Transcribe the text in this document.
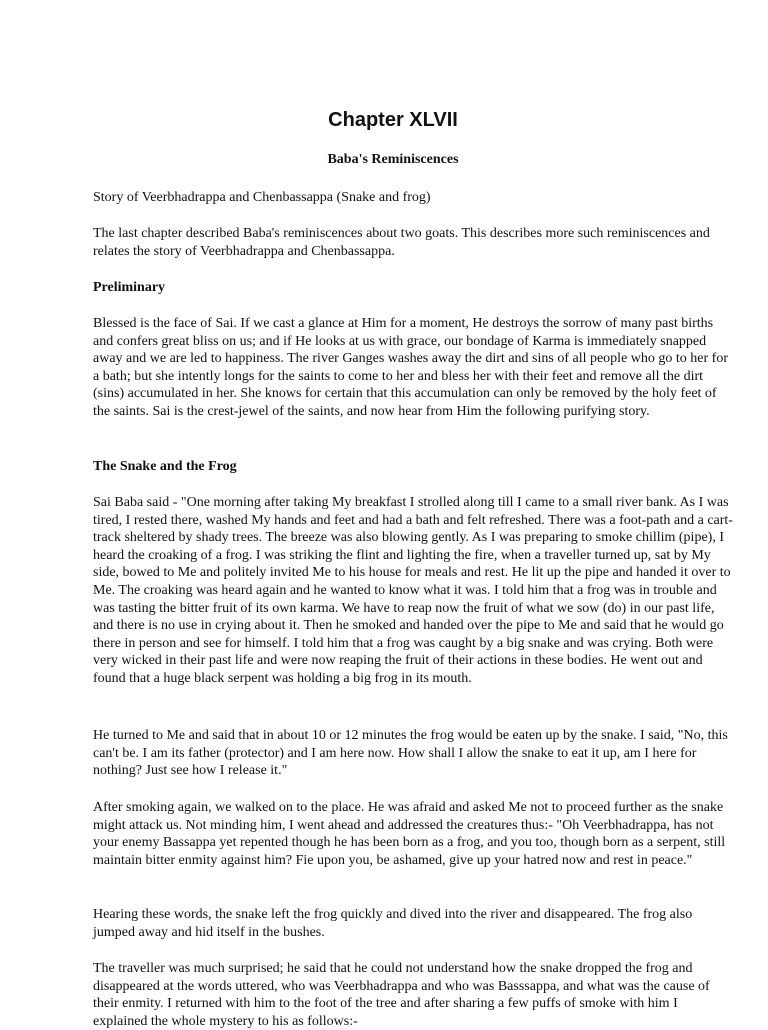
Chapter XLVII

Baba's Reminiscences

Story of Veerbhadrappa and Chenbassappa (Snake and frog)

The last chapter described Baba's reminiscences about two goats. This describes more such reminiscences and relates the story of Veerbhadrappa and Chenbassappa.

Preliminary

Blessed is the face of Sai. If we cast a glance at Him for a moment, He destroys the sorrow of many past births and confers great bliss on us; and if He looks at us with grace, our bondage of Karma is immediately snapped away and we are led to happiness. The river Ganges washes away the dirt and sins of all people who go to her for a bath; but she intently longs for the saints to come to her and bless her with their feet and remove all the dirt (sins) accumulated in her. She knows for certain that this accumulation can only be removed by the holy feet of the saints. Sai is the crest-jewel of the saints, and now hear from Him the following purifying story.

The Snake and the Frog

Sai Baba said - "One morning after taking My breakfast I strolled along till I came to a small river bank. As I was tired, I rested there, washed My hands and feet and had a bath and felt refreshed. There was a foot-path and a cart-track sheltered by shady trees. The breeze was also blowing gently. As I was preparing to smoke chillim (pipe), I heard the croaking of a frog. I was striking the flint and lighting the fire, when a traveller turned up, sat by My side, bowed to Me and politely invited Me to his house for meals and rest. He lit up the pipe and handed it over to Me. The croaking was heard again and he wanted to know what it was. I told him that a frog was in trouble and was tasting the bitter fruit of its own karma. We have to reap now the fruit of what we sow (do) in our past life, and there is no use in crying about it. Then he smoked and handed over the pipe to Me and said that he would go there in person and see for himself. I told him that a frog was caught by a big snake and was crying. Both were very wicked in their past life and were now reaping the fruit of their actions in these bodies. He went out and found that a huge black serpent was holding a big frog in its mouth.

He turned to Me and said that in about 10 or 12 minutes the frog would be eaten up by the snake. I said, "No, this can't be. I am its father (protector) and I am here now. How shall I allow the snake to eat it up, am I here for nothing? Just see how I release it."

After smoking again, we walked on to the place. He was afraid and asked Me not to proceed further as the snake might attack us. Not minding him, I went ahead and addressed the creatures thus:- "Oh Veerbhadrappa, has not your enemy Bassappa yet repented though he has been born as a frog, and you too, though born as a serpent, still maintain bitter enmity against him? Fie upon you, be ashamed, give up your hatred now and rest in peace."

Hearing these words, the snake left the frog quickly and dived into the river and disappeared. The frog also jumped away and hid itself in the bushes.

The traveller was much surprised; he said that he could not understand how the snake dropped the frog and disappeared at the words uttered, who was Veerbhadrappa and who was Basssappa, and what was the cause of their enmity. I returned with him to the foot of the tree and after sharing a few puffs of smoke with him I explained the whole mystery to his as follows:-
